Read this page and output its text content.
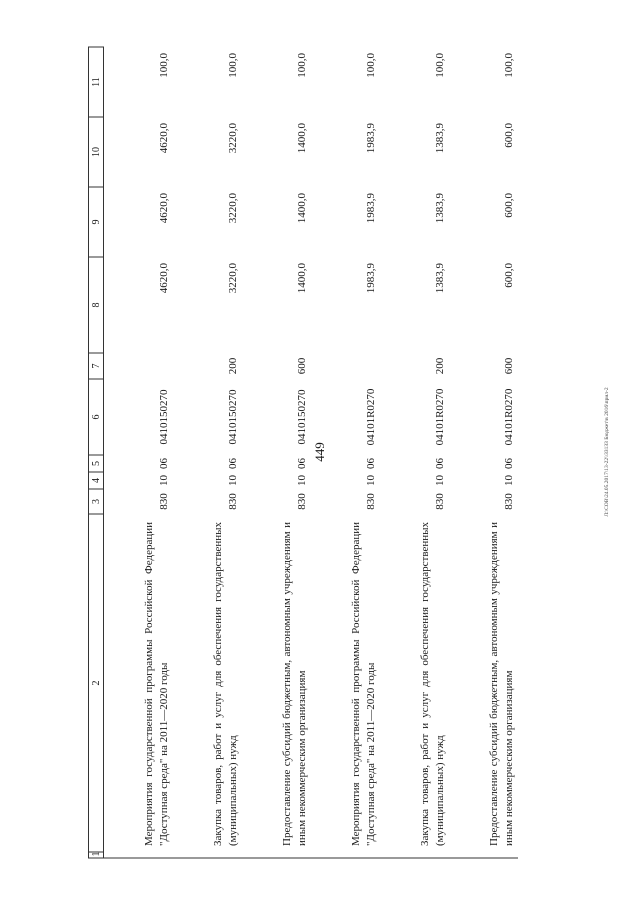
449	Л:\СОВ\24.05.2017\13-22\\ЗЗ1ЗЗ Бюджет\в 2016\прил-2
1	2	3	4	5	6	7	8	9	10	11
	Мероприятия государственной программы Российской Федерации "Доступная среда" на 2011—2020 годы	830	10	06	0410150270		4620,0	4620,0	4620,0	100,0
	Закупка товаров, работ и услуг для обеспечения государственных (муниципальных) нужд	830	10	06	0410150270	200	3220,0	3220,0	3220,0	100,0
	Предоставление субсидий бюджетным, автономным учреждениям и иным некоммерческим организациям	830	10	06	0410150270	600	1400,0	1400,0	1400,0	100,0
	Мероприятия государственной программы Российской Федерации "Доступная среда" на 2011—2020 годы	830	10	06	04101R0270		1983,9	1983,9	1983,9	100,0
	Закупка товаров, работ и услуг для обеспечения государственных (муниципальных) нужд	830	10	06	04101R0270	200	1383,9	1383,9	1383,9	100,0
	Предоставление субсидий бюджетным, автономным учреждениям и иным некоммерческим организациям	830	10	06	04101R0270	600	600,0	600,0	600,0	100,0
